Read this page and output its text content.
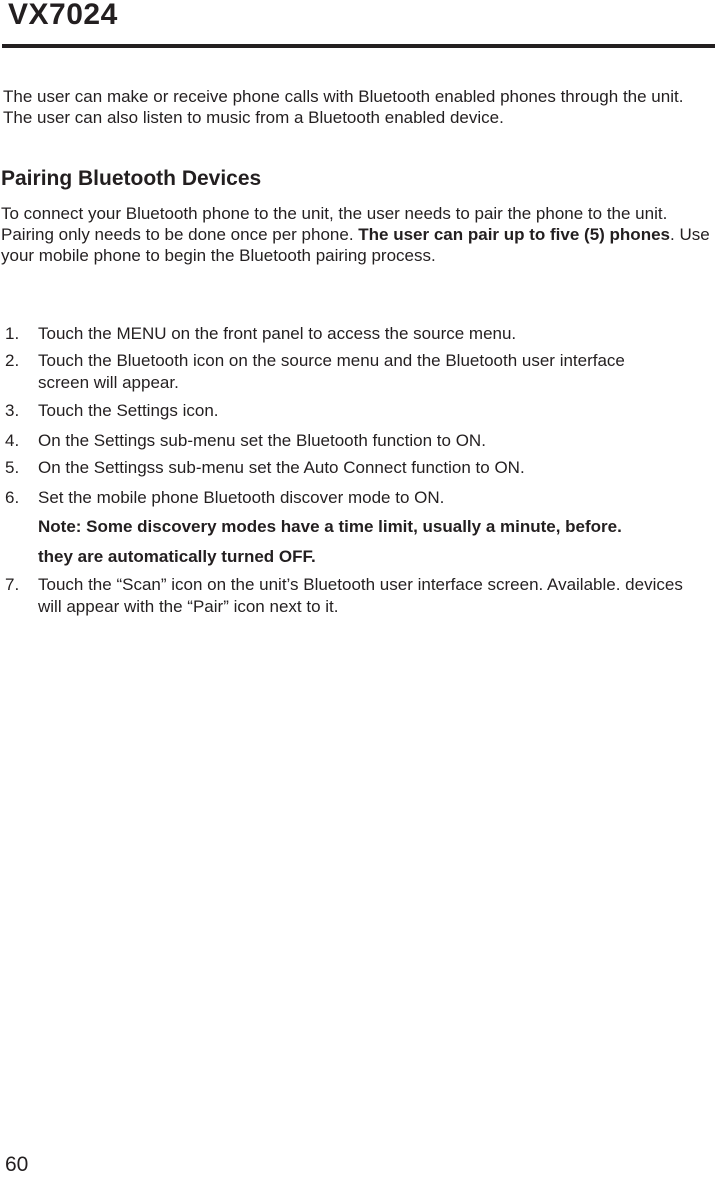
VX7024

The user can make or receive phone calls with Bluetooth enabled phones through the unit. The user can also listen to music from a Bluetooth enabled device.

Pairing Bluetooth Devices

To connect your Bluetooth phone to the unit, the user needs to pair the phone to the unit. Pairing only needs to be done once per phone. The user can pair up to five (5) phones. Use your mobile phone to begin the Bluetooth pairing process.

1.	Touch the MENU on the front panel to access the source menu.
2.	Touch the Bluetooth icon on the source menu and the Bluetooth user interface screen will appear.
3.	Touch the Settings icon.
4.	On the Settings sub-menu set the Bluetooth function to ON.
5.	On the Settingss sub-menu set the Auto Connect function to ON.
6.	Set the mobile phone Bluetooth discover mode to ON.
Note: Some discovery modes have a time limit, usually a minute, before.
they are automatically turned OFF.
7.	Touch the “Scan” icon on the unit’s Bluetooth user interface screen. Available. devices will appear with the “Pair” icon next to it.
60
